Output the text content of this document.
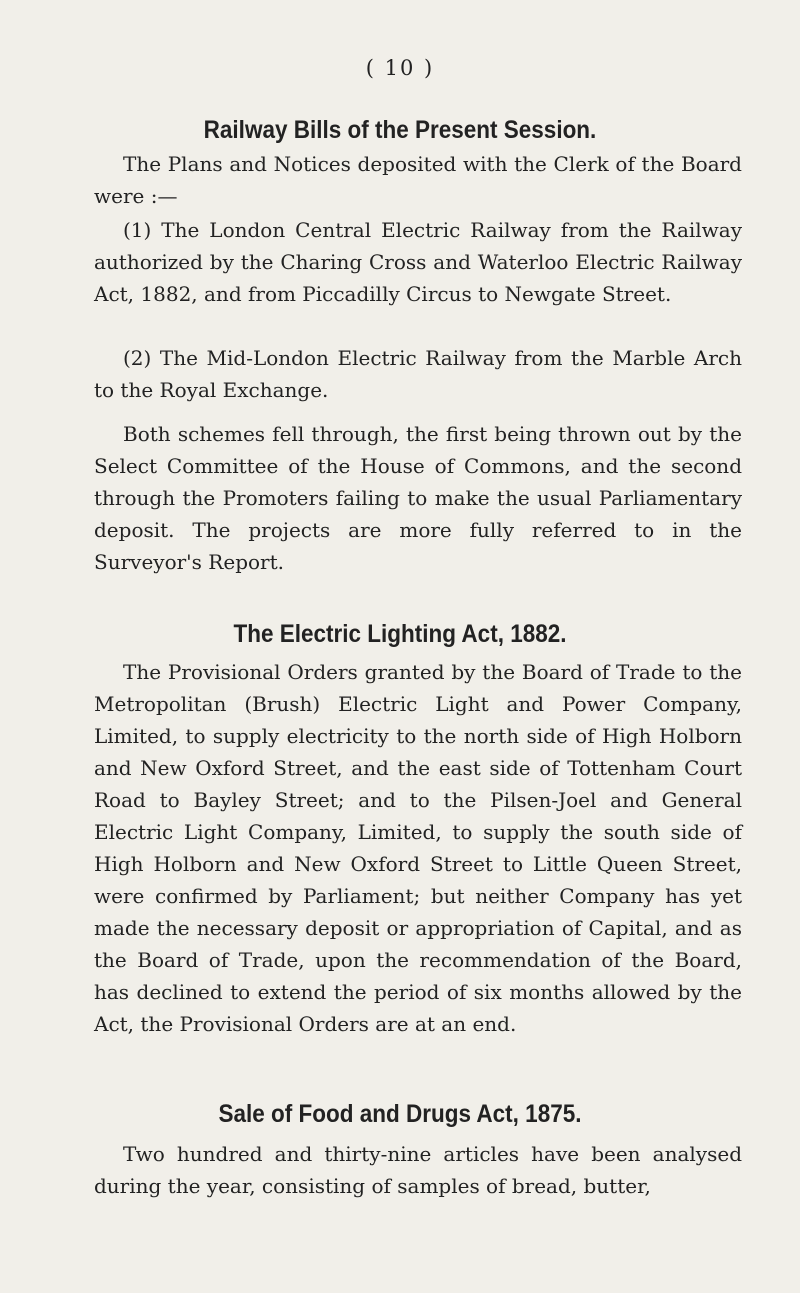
( 10 )
Railway Bills of the Present Session.
The Plans and Notices deposited with the Clerk of the Board were :—
(1) The London Central Electric Railway from the Railway authorized by the Charing Cross and Waterloo Electric Railway Act, 1882, and from Piccadilly Circus to Newgate Street.
(2) The Mid-London Electric Railway from the Marble Arch to the Royal Exchange.
Both schemes fell through, the first being thrown out by the Select Committee of the House of Commons, and the second through the Promoters failing to make the usual Parliamentary deposit. The projects are more fully referred to in the Surveyor's Report.
The Electric Lighting Act, 1882.
The Provisional Orders granted by the Board of Trade to the Metropolitan (Brush) Electric Light and Power Company, Limited, to supply electricity to the north side of High Holborn and New Oxford Street, and the east side of Tottenham Court Road to Bayley Street; and to the Pilsen-Joel and General Electric Light Company, Limited, to supply the south side of High Holborn and New Oxford Street to Little Queen Street, were confirmed by Parliament; but neither Company has yet made the necessary deposit or appropriation of Capital, and as the Board of Trade, upon the recommendation of the Board, has declined to extend the period of six months allowed by the Act, the Provisional Orders are at an end.
Sale of Food and Drugs Act, 1875.
Two hundred and thirty-nine articles have been analysed during the year, consisting of samples of bread, butter,
